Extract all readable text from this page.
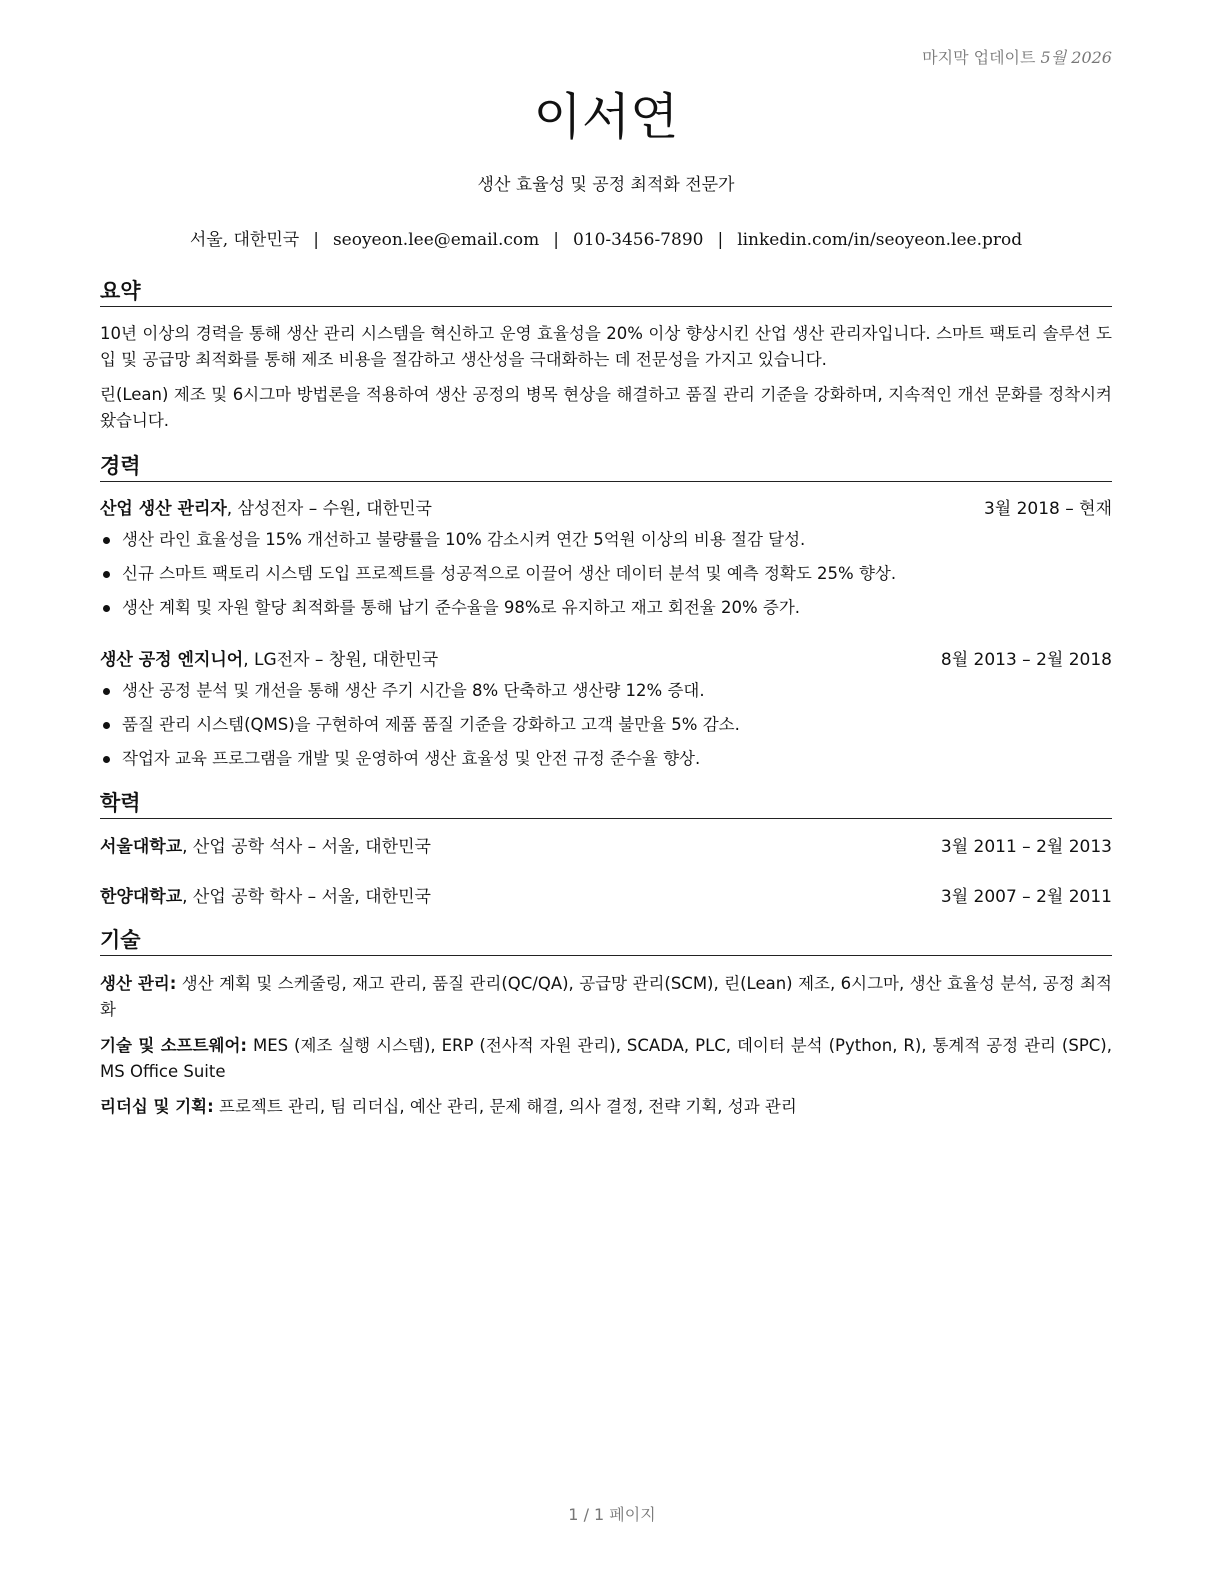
마지막 업데이트 5월 2026
이서연
생산 효율성 및 공정 최적화 전문가
서울, 대한민국 | seoyeon.lee@email.com | 010-3456-7890 | linkedin.com/in/seoyeon.lee.prod
요약
10년 이상의 경력을 통해 생산 관리 시스템을 혁신하고 운영 효율성을 20% 이상 향상시킨 산업 생산 관리자입니다. 스마트 팩토리 솔루션 도입 및 공급망 최적화를 통해 제조 비용을 절감하고 생산성을 극대화하는 데 전문성을 가지고 있습니다.
린(Lean) 제조 및 6시그마 방법론을 적용하여 생산 공정의 병목 현상을 해결하고 품질 관리 기준을 강화하며, 지속적인 개선 문화를 정착시켜왔습니다.
경력
산업 생산 관리자, 삼성전자 – 수원, 대한민국	3월 2018 – 현재
생산 라인 효율성을 15% 개선하고 불량률을 10% 감소시켜 연간 5억원 이상의 비용 절감 달성.
신규 스마트 팩토리 시스템 도입 프로젝트를 성공적으로 이끌어 생산 데이터 분석 및 예측 정확도 25% 향상.
생산 계획 및 자원 할당 최적화를 통해 납기 준수율을 98%로 유지하고 재고 회전율 20% 증가.
생산 공정 엔지니어, LG전자 – 창원, 대한민국	8월 2013 – 2월 2018
생산 공정 분석 및 개선을 통해 생산 주기 시간을 8% 단축하고 생산량 12% 증대.
품질 관리 시스템(QMS)을 구현하여 제품 품질 기준을 강화하고 고객 불만율 5% 감소.
작업자 교육 프로그램을 개발 및 운영하여 생산 효율성 및 안전 규정 준수율 향상.
학력
서울대학교, 산업 공학 석사 – 서울, 대한민국	3월 2011 – 2월 2013
한양대학교, 산업 공학 학사 – 서울, 대한민국	3월 2007 – 2월 2011
기술
생산 관리: 생산 계획 및 스케줄링, 재고 관리, 품질 관리(QC/QA), 공급망 관리(SCM), 린(Lean) 제조, 6시그마, 생산 효율성 분석, 공정 최적화
기술 및 소프트웨어: MES (제조 실행 시스템), ERP (전사적 자원 관리), SCADA, PLC, 데이터 분석 (Python, R), 통계적 공정 관리 (SPC), MS Office Suite
리더십 및 기획: 프로젝트 관리, 팀 리더십, 예산 관리, 문제 해결, 의사 결정, 전략 기획, 성과 관리
1 / 1 페이지
